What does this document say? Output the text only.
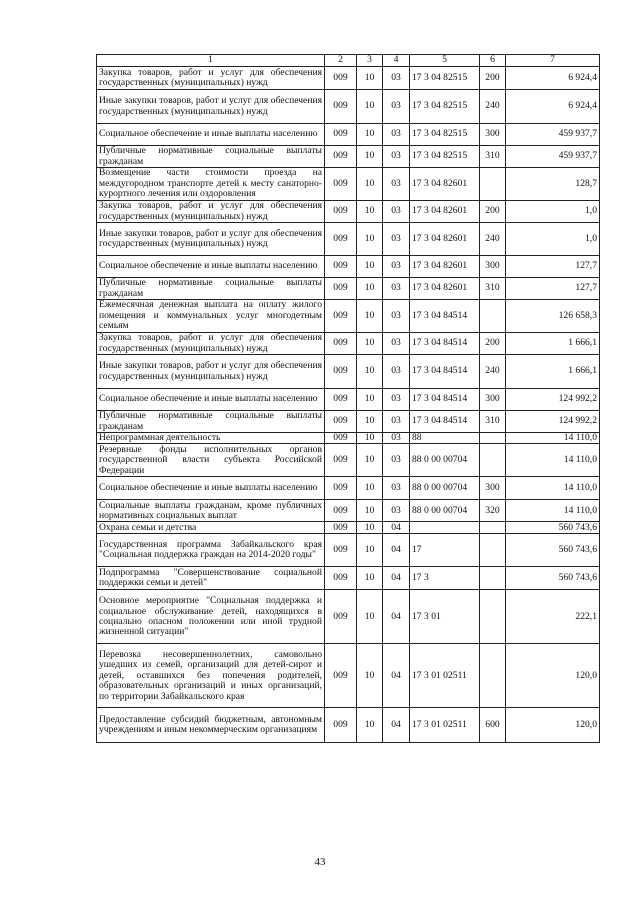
1	2	3	4	5	6	7
Закупка товаров, работ и услуг для обеспечения государственных (муниципальных) нужд	009	10	03	17 3 04 82515	200	6 924,4
Иные закупки товаров, работ и услуг для обеспечения государственных (муниципальных) нужд	009	10	03	17 3 04 82515	240	6 924,4
Социальное обеспечение и иные выплаты населению	009	10	03	17 3 04 82515	300	459 937,7
Публичные нормативные социальные выплаты гражданам	009	10	03	17 3 04 82515	310	459 937,7
Возмещение части стоимости проезда на междугородном транспорте детей к месту санаторно-курортного лечения или оздоровления	009	10	03	17 3 04 82601		128,7
Закупка товаров, работ и услуг для обеспечения государственных (муниципальных) нужд	009	10	03	17 3 04 82601	200	1,0
Иные закупки товаров, работ и услуг для обеспечения государственных (муниципальных) нужд	009	10	03	17 3 04 82601	240	1,0
Социальное обеспечение и иные выплаты населению	009	10	03	17 3 04 82601	300	127,7
Публичные нормативные социальные выплаты гражданам	009	10	03	17 3 04 82601	310	127,7
Ежемесячная денежная выплата на оплату жилого помещения и коммунальных услуг многодетным семьям	009	10	03	17 3 04 84514		126 658,3
Закупка товаров, работ и услуг для обеспечения государственных (муниципальных) нужд	009	10	03	17 3 04 84514	200	1 666,1
Иные закупки товаров, работ и услуг для обеспечения государственных (муниципальных) нужд	009	10	03	17 3 04 84514	240	1 666,1
Социальное обеспечение и иные выплаты населению	009	10	03	17 3 04 84514	300	124 992,2
Публичные нормативные социальные выплаты гражданам	009	10	03	17 3 04 84514	310	124 992,2
Непрограммная деятельность	009	10	03	88		14 110,0
Резервные фонды исполнительных органов государственной власти субъекта Российской Федерации	009	10	03	88 0 00 00704		14 110,0
Социальное обеспечение и иные выплаты населению	009	10	03	88 0 00 00704	300	14 110,0
Социальные выплаты гражданам, кроме публичных нормативных социальных выплат	009	10	03	88 0 00 00704	320	14 110,0
Охрана семьи и детства	009	10	04			560 743,6
Государственная программа Забайкальского края "Социальная поддержка граждан на 2014-2020 годы"	009	10	04	17		560 743,6
Подпрограмма "Совершенствование социальной поддержки семьи и детей"	009	10	04	17 3		560 743,6
Основное мероприятие "Социальная поддержка и социальное обслуживание детей, находящихся в социально опасном положении или иной трудной жизненной ситуации"	009	10	04	17 3 01		222,1
Перевозка несовершеннолетних, самовольно ушедших из семей, организаций для детей-сирот и детей, оставшихся без попечения родителей, образовательных организаций и иных организаций, по территории Забайкальского края	009	10	04	17 3 01 02511		120,0
Предоставление субсидий бюджетным, автономным учреждениям и иным некоммерческим организациям	009	10	04	17 3 01 02511	600	120,0
43
